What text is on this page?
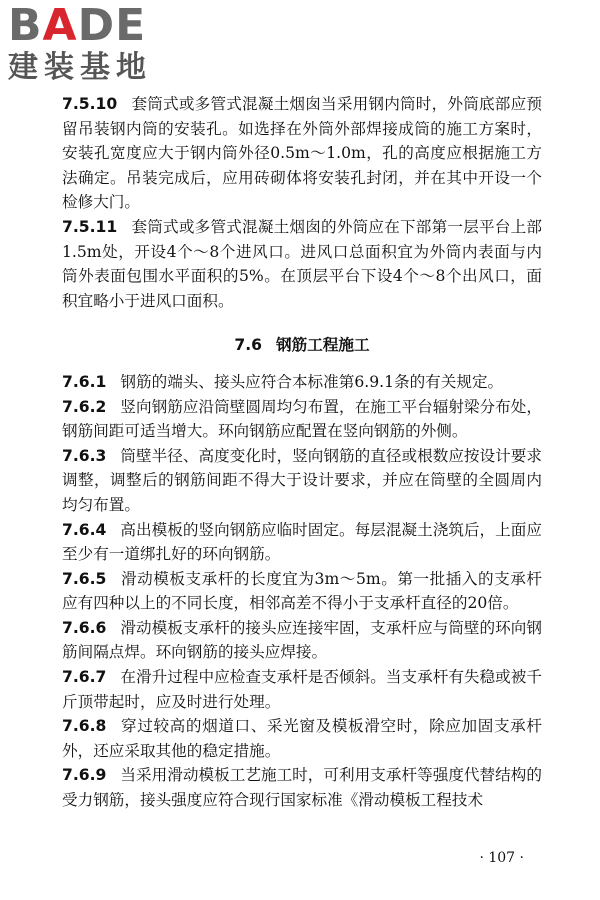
BADE
建装基地

7.5.10 套筒式或多管式混凝土烟囱当采用钢内筒时，外筒底部应预留吊装钢内筒的安装孔。如选择在外筒外部焊接成筒的施工方案时，安装孔宽度应大于钢内筒外径0.5m～1.0m，孔的高度应根据施工方法确定。吊装完成后，应用砖砌体将安装孔封闭，并在其中开设一个检修大门。

7.5.11 套筒式或多管式混凝土烟囱的外筒应在下部第一层平台上部1.5m处，开设4个～8个进风口。进风口总面积宜为外筒内表面与内筒外表面包围水平面积的5%。在顶层平台下设4个～8个出风口，面积宜略小于进风口面积。

7.6 钢筋工程施工

7.6.1 钢筋的端头、接头应符合本标准第6.9.1条的有关规定。

7.6.2 竖向钢筋应沿筒壁圆周均匀布置，在施工平台辐射梁分布处，钢筋间距可适当增大。环向钢筋应配置在竖向钢筋的外侧。

7.6.3 筒壁半径、高度变化时，竖向钢筋的直径或根数应按设计要求调整，调整后的钢筋间距不得大于设计要求，并应在筒壁的全圆周内均匀布置。

7.6.4 高出模板的竖向钢筋应临时固定。每层混凝土浇筑后，上面应至少有一道绑扎好的环向钢筋。

7.6.5 滑动模板支承杆的长度宜为3m～5m。第一批插入的支承杆应有四种以上的不同长度，相邻高差不得小于支承杆直径的20倍。

7.6.6 滑动模板支承杆的接头应连接牢固，支承杆应与筒壁的环向钢筋间隔点焊。环向钢筋的接头应焊接。

7.6.7 在滑升过程中应检查支承杆是否倾斜。当支承杆有失稳或被千斤顶带起时，应及时进行处理。

7.6.8 穿过较高的烟道口、采光窗及模板滑空时，除应加固支承杆外，还应采取其他的稳定措施。

7.6.9 当采用滑动模板工艺施工时，可利用支承杆等强度代替结构的受力钢筋，接头强度应符合现行国家标准《滑动模板工程技术

· 107 ·
